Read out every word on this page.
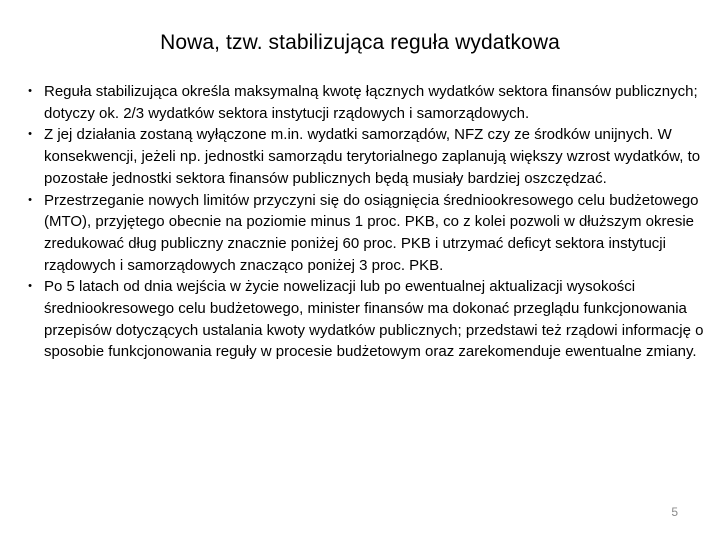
Nowa, tzw. stabilizująca reguła wydatkowa
• Reguła stabilizująca określa maksymalną kwotę łącznych wydatków sektora finansów publicznych; dotyczy ok. 2/3 wydatków sektora instytucji rządowych i samorządowych.
• Z jej działania zostaną wyłączone m.in. wydatki samorządów, NFZ czy ze środków unijnych. W konsekwencji, jeżeli np. jednostki samorządu terytorialnego zaplanują większy wzrost wydatków, to pozostałe jednostki sektora finansów publicznych będą musiały bardziej oszczędzać.
• Przestrzeganie nowych limitów przyczyni się do osiągnięcia średniookresowego celu budżetowego (MTO), przyjętego obecnie na poziomie minus 1 proc. PKB, co z kolei pozwoli w dłuższym okresie zredukować dług publiczny znacznie poniżej 60 proc. PKB i utrzymać deficyt sektora instytucji rządowych i samorządowych znacząco poniżej 3 proc. PKB.
• Po 5 latach od dnia wejścia w życie nowelizacji lub po ewentualnej aktualizacji wysokości średniookresowego celu budżetowego, minister finansów ma dokonać przeglądu funkcjonowania przepisów dotyczących ustalania kwoty wydatków publicznych; przedstawi też rządowi informację o sposobie funkcjonowania reguły w procesie budżetowym oraz zarekomenduje ewentualne zmiany.
5
